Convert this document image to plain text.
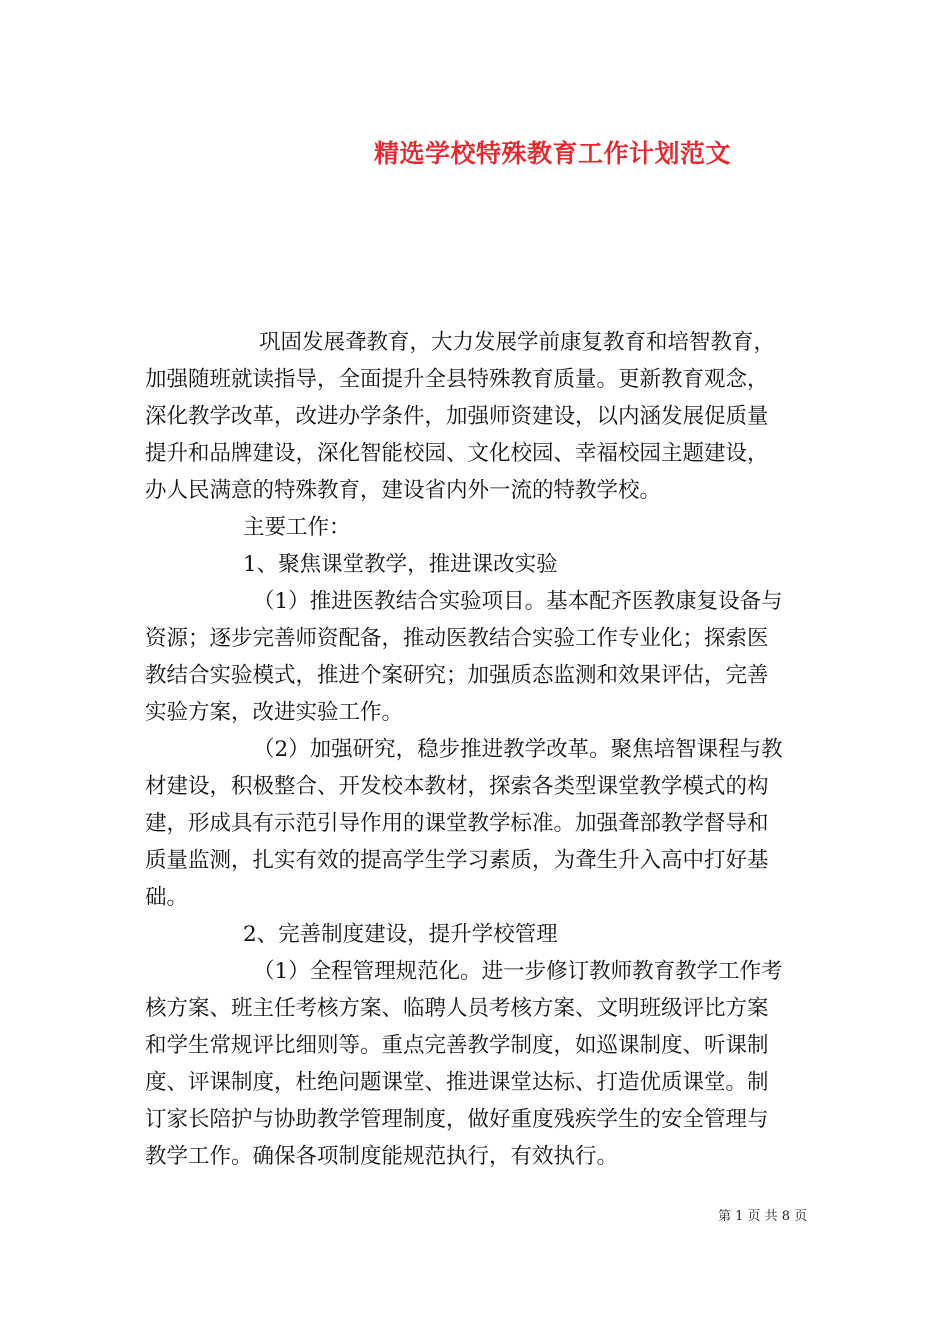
精选学校特殊教育工作计划范文
巩固发展聋教育，大力发展学前康复教育和培智教育，
加强随班就读指导，全面提升全县特殊教育质量。更新教育观念，
深化教学改革，改进办学条件，加强师资建设，以内涵发展促质量
提升和品牌建设，深化智能校园、文化校园、幸福校园主题建设，
办人民满意的特殊教育，建设省内外一流的特教学校。
主要工作：
1、聚焦课堂教学，推进课改实验
（1）推进医教结合实验项目。基本配齐医教康复设备与
资源；逐步完善师资配备，推动医教结合实验工作专业化；探索医
教结合实验模式，推进个案研究；加强质态监测和效果评估，完善
实验方案，改进实验工作。
（2）加强研究，稳步推进教学改革。聚焦培智课程与教
材建设，积极整合、开发校本教材，探索各类型课堂教学模式的构
建，形成具有示范引导作用的课堂教学标准。加强聋部教学督导和
质量监测，扎实有效的提高学生学习素质，为聋生升入高中打好基
础。
2、完善制度建设，提升学校管理
（1）全程管理规范化。进一步修订教师教育教学工作考
核方案、班主任考核方案、临聘人员考核方案、文明班级评比方案
和学生常规评比细则等。重点完善教学制度，如巡课制度、听课制
度、评课制度，杜绝问题课堂、推进课堂达标、打造优质课堂。制
订家长陪护与协助教学管理制度，做好重度残疾学生的安全管理与
教学工作。确保各项制度能规范执行，有效执行。
第 1 页 共 8 页
